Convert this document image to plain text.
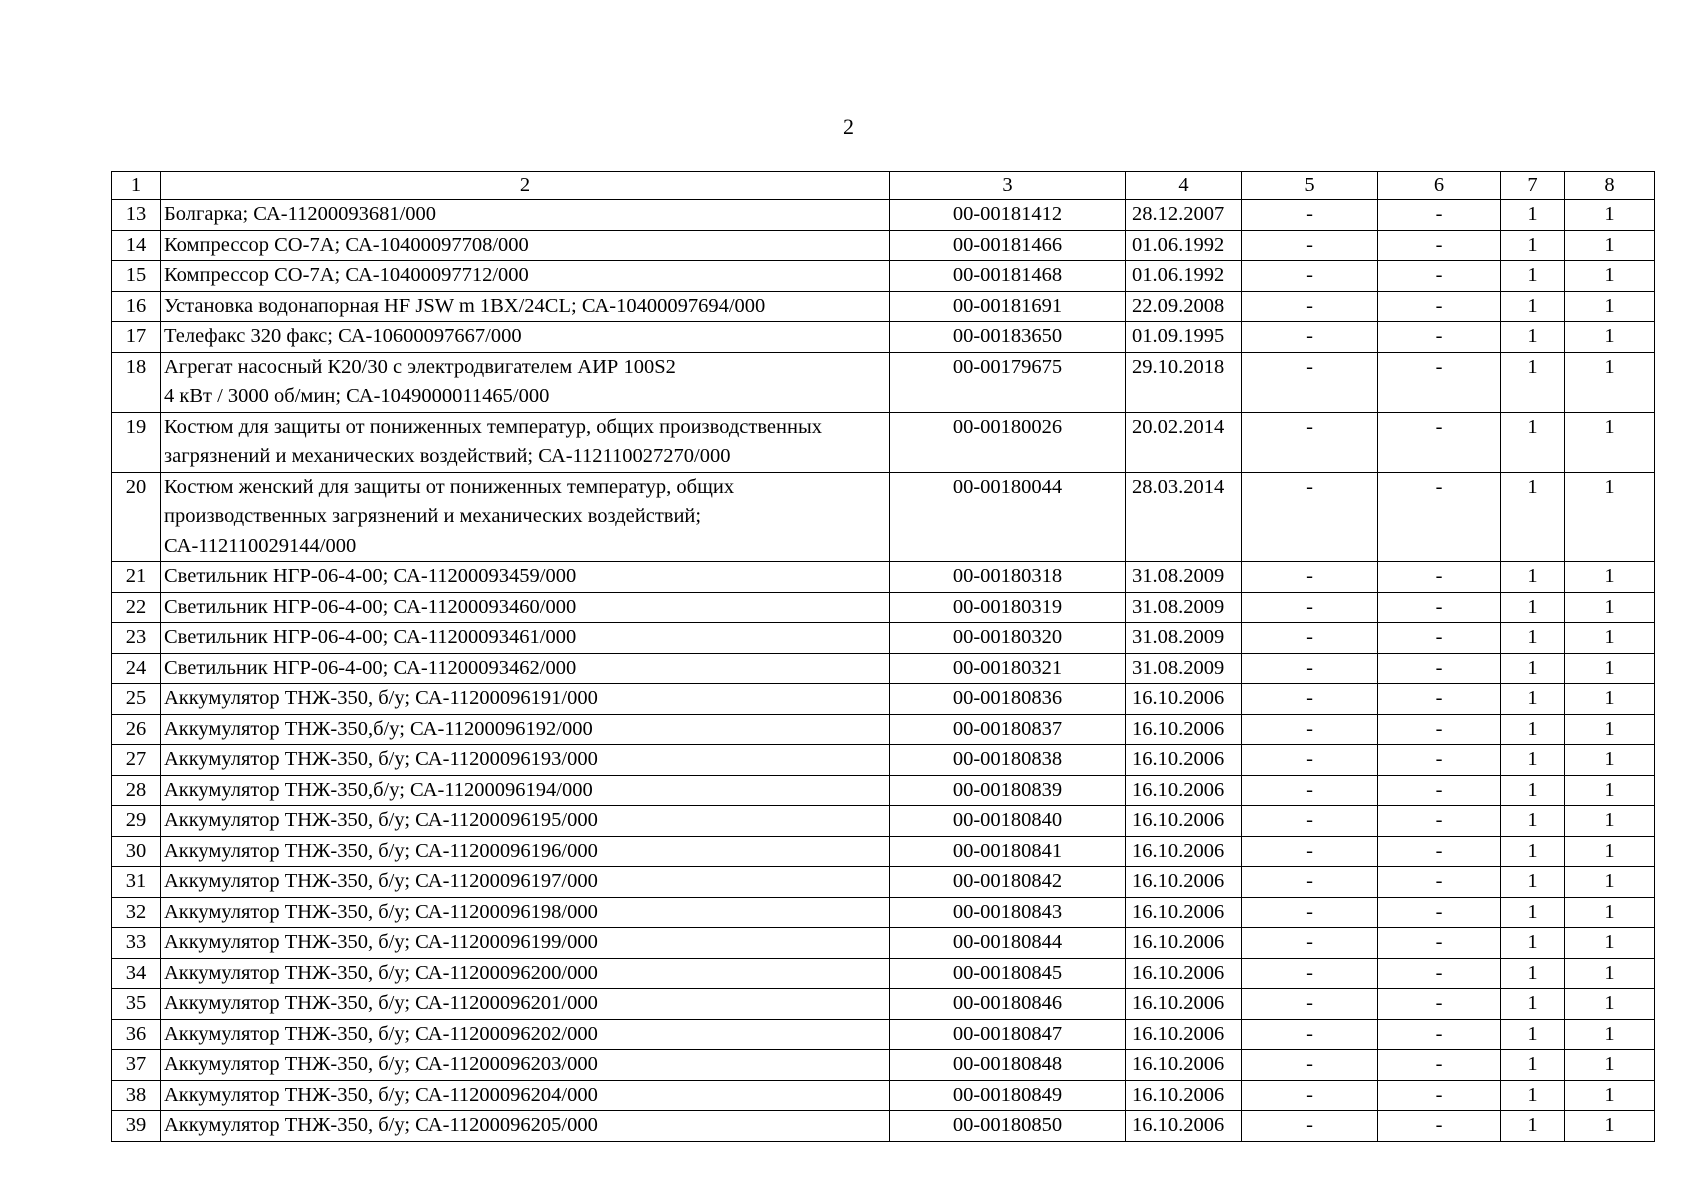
2
1	2	3	4	5	6	7	8
13	Болгарка; СА-11200093681/000	00-00181412	28.12.2007	-	-	1	1
14	Компрессор СО-7А; СА-10400097708/000	00-00181466	01.06.1992	-	-	1	1
15	Компрессор СО-7А; СА-10400097712/000	00-00181468	01.06.1992	-	-	1	1
16	Установка водонапорная HF JSW m 1BX/24CL; СА-10400097694/000	00-00181691	22.09.2008	-	-	1	1
17	Телефакс 320 факс; СА-10600097667/000	00-00183650	01.09.1995	-	-	1	1
18	Агрегат насосный К20/30 с электродвигателем АИР 100S2
4 кВт / 3000 об/мин; СА-1049000011465/000	00-00179675	29.10.2018	-	-	1	1
19	Костюм для защиты от пониженных температур, общих производственных
загрязнений и механических воздействий; СА-112110027270/000	00-00180026	20.02.2014	-	-	1	1
20	Костюм женский для защиты от пониженных температур, общих
производственных загрязнений и механических воздействий;
СА-112110029144/000	00-00180044	28.03.2014	-	-	1	1
21	Светильник НГР-06-4-00; СА-11200093459/000	00-00180318	31.08.2009	-	-	1	1
22	Светильник НГР-06-4-00; СА-11200093460/000	00-00180319	31.08.2009	-	-	1	1
23	Светильник НГР-06-4-00; СА-11200093461/000	00-00180320	31.08.2009	-	-	1	1
24	Светильник НГР-06-4-00; СА-11200093462/000	00-00180321	31.08.2009	-	-	1	1
25	Аккумулятор ТНЖ-350, б/у; СА-11200096191/000	00-00180836	16.10.2006	-	-	1	1
26	Аккумулятор ТНЖ-350,б/у; СА-11200096192/000	00-00180837	16.10.2006	-	-	1	1
27	Аккумулятор ТНЖ-350, б/у; СА-11200096193/000	00-00180838	16.10.2006	-	-	1	1
28	Аккумулятор ТНЖ-350,б/у; СА-11200096194/000	00-00180839	16.10.2006	-	-	1	1
29	Аккумулятор ТНЖ-350, б/у; СА-11200096195/000	00-00180840	16.10.2006	-	-	1	1
30	Аккумулятор ТНЖ-350, б/у; СА-11200096196/000	00-00180841	16.10.2006	-	-	1	1
31	Аккумулятор ТНЖ-350, б/у; СА-11200096197/000	00-00180842	16.10.2006	-	-	1	1
32	Аккумулятор ТНЖ-350, б/у; СА-11200096198/000	00-00180843	16.10.2006	-	-	1	1
33	Аккумулятор ТНЖ-350, б/у; СА-11200096199/000	00-00180844	16.10.2006	-	-	1	1
34	Аккумулятор ТНЖ-350, б/у; СА-11200096200/000	00-00180845	16.10.2006	-	-	1	1
35	Аккумулятор ТНЖ-350, б/у; СА-11200096201/000	00-00180846	16.10.2006	-	-	1	1
36	Аккумулятор ТНЖ-350, б/у; СА-11200096202/000	00-00180847	16.10.2006	-	-	1	1
37	Аккумулятор ТНЖ-350, б/у; СА-11200096203/000	00-00180848	16.10.2006	-	-	1	1
38	Аккумулятор ТНЖ-350, б/у; СА-11200096204/000	00-00180849	16.10.2006	-	-	1	1
39	Аккумулятор ТНЖ-350, б/у; СА-11200096205/000	00-00180850	16.10.2006	-	-	1	1
